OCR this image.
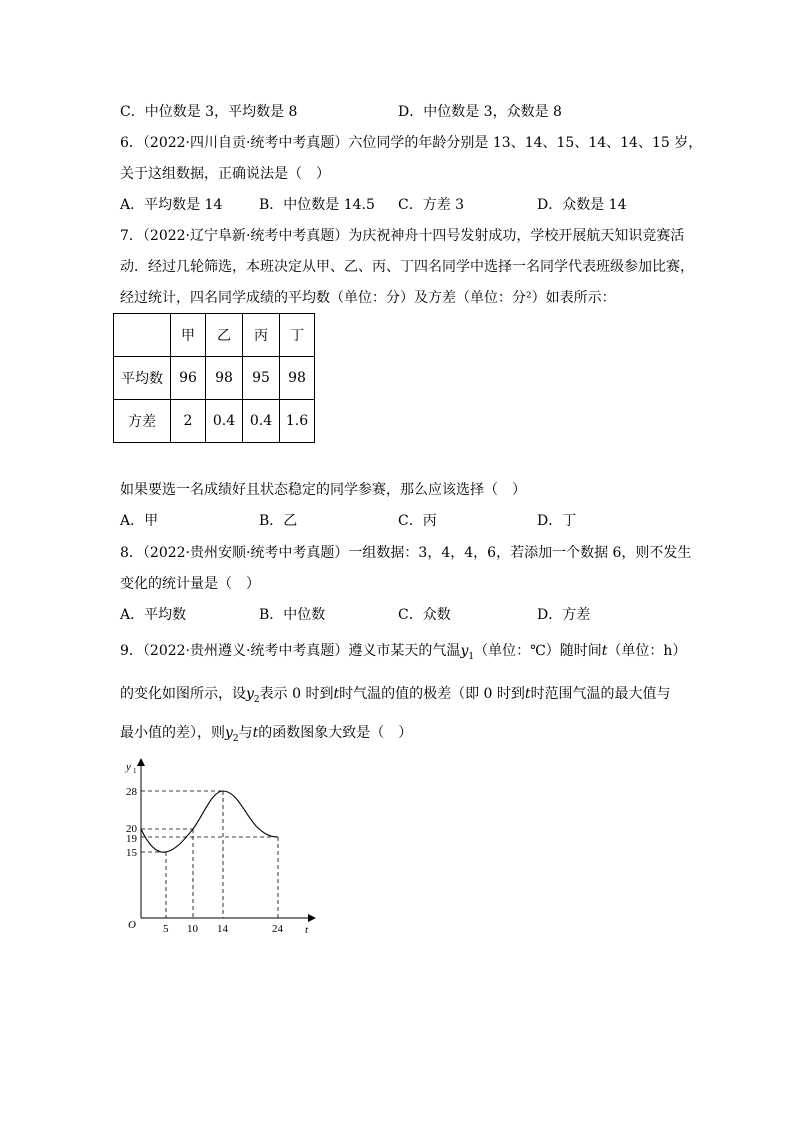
C．中位数是 3，平均数是 8	D．中位数是 3，众数是 8
6．（2022·四川自贡·统考中考真题）六位同学的年龄分别是 13、14、15、14、14、15 岁，
关于这组数据，正确说法是（　）
A．平均数是 14	B．中位数是 14.5 C．方差 3	D．众数是 14
7．（2022·辽宁阜新·统考中考真题）为庆祝神舟十四号发射成功，学校开展航天知识竞赛活
动．经过几轮筛选，本班决定从甲、乙、丙、丁四名同学中选择一名同学代表班级参加比赛，
经过统计，四名同学成绩的平均数（单位：分）及方差（单位：分²）如表所示：
	甲	乙	丙	丁
平均数	96	98	95	98
方差	2	0.4	0.4	1.6
如果要选一名成绩好且状态稳定的同学参赛，那么应该选择（　）
A．甲	B．乙	C．丙	D．丁
8．（2022·贵州安顺·统考中考真题）一组数据：3，4，4，6，若添加一个数据 6，则不发生
变化的统计量是（　）
A．平均数	B．中位数	C．众数	D．方差
9．（2022·贵州遵义·统考中考真题）遵义市某天的气温$y_1$（单位：℃）随时间t（单位：h）
的变化如图所示，设$y_2$表示 0 时到t时气温的值的极差（即 0 时到t时范围气温的最大值与
最小值的差），则$y_2$与t的函数图象大致是（　）
y 1
t
O
28
20
19
15
5 10 14	24
